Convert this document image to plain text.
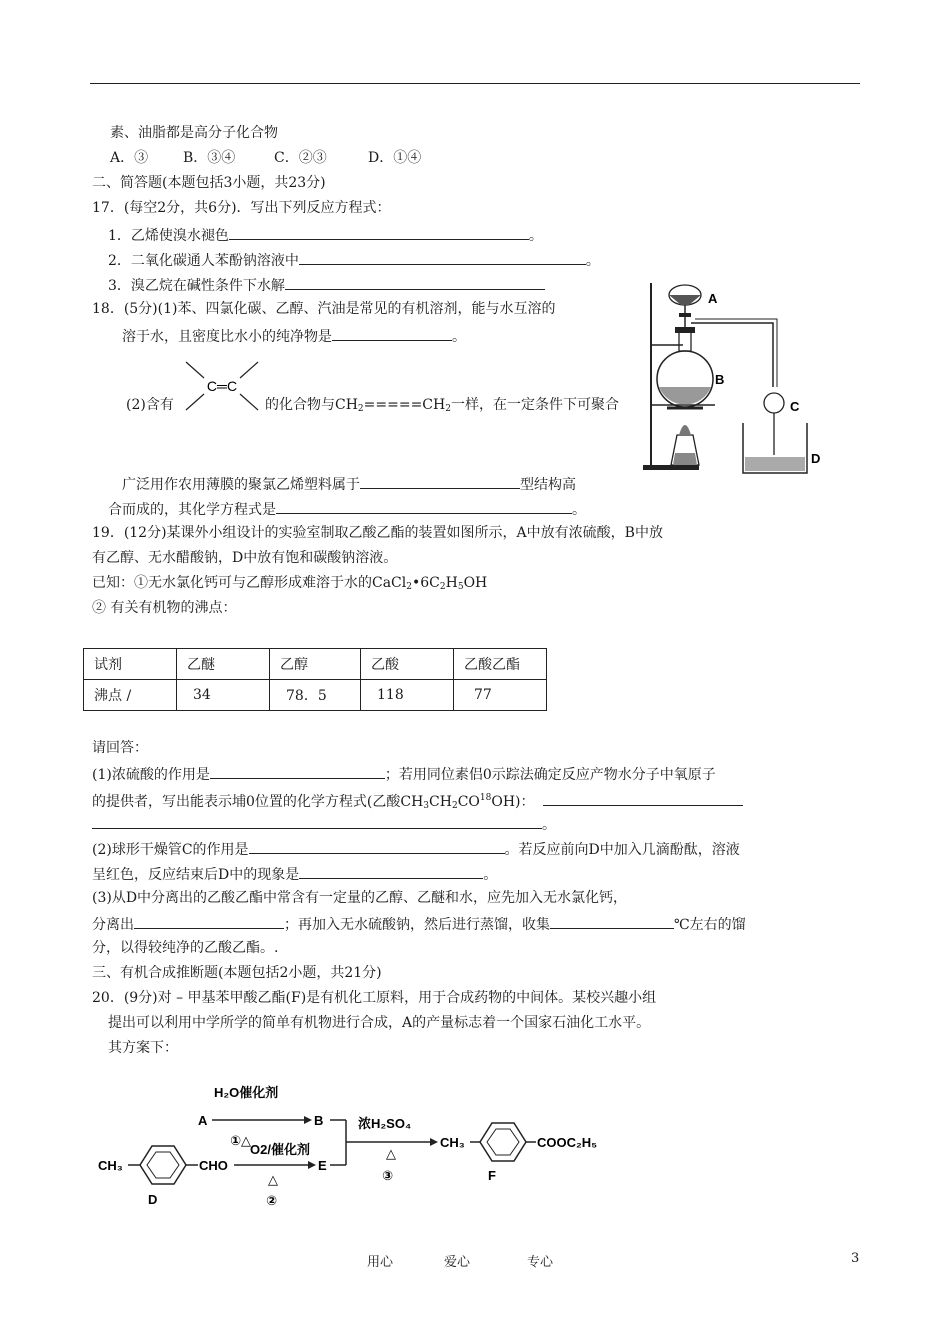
素、油脂都是高分子化合物
A．③ B．③④	C．②③	D．①④
二、简答题(本题包括3小题，共23分)
17．(每空2分，共6分)．写出下列反应方程式：
1．乙烯使溴水褪色	。
2．二氧化碳通人苯酚钠溶液中	。
3．溴乙烷在碱性条件下水解
18．(5分)(1)苯、四氯化碳、乙醇、汽油是常见的有机溶剂，能与水互溶的
溶于水，且密度比水小的纯净物是	。
C═C
(2)含有	的化合物与$CH_2=====CH_2$一样，在一定条件下可聚合
广泛用作农用薄膜的聚氯乙烯塑料属于	型结构高
合而成的，其化学方程式是	。
A
B
C
D
19．(12分)某课外小组设计的实验室制取乙酸乙酯的装置如图所示，A中放有浓硫酸，B中放
有乙醇、无水醋酸钠，D中放有饱和碳酸钠溶液。
已知：①无水氯化钙可与乙醇形成难溶于水的$CaCl_2•6C_2H_5OH$
② 有关有机物的沸点：
试剂	乙醚	乙醇	乙酸	乙酸乙酯
沸点 /	34	78．5	118	77
请回答：
(1)浓硫酸的作用是	；若用同位素侣0示踪法确定反应产物水分子中氧原子
的提供者，写出能表示埔0位置的化学方程式(乙酸$CH_3CH_2CO^{18}OH$)：
。
(2)球形干燥管C的作用是	。若反应前向D中加入几滴酚酞，溶液
呈红色，反应结束后D中的现象是	。
(3)从D中分离出的乙酸乙酯中常含有一定量的乙醇、乙醚和水，应先加入无水氯化钙，
分离出	；再加入无水硫酸钠，然后进行蒸馏，收集	℃左右的馏
分，以得较纯净的乙酸乙酯。.
三、有机合成推断题(本题包括2小题，共21分)
20．(9分)对 – 甲基苯甲酸乙酯(F)是有机化工原料，用于合成药物的中间体。某校兴趣小组
提出可以利用中学所学的简单有机物进行合成，A的产量标志着一个国家石油化工水平。
其方案下：
A	B
H₂O催化剂
①△
CH₃	CHO
D
O2/催化剂
△
②
E
浓H₂SO₄
△
③
CH₃	COOC₂H₅
F
用心	爱心	专心	3
